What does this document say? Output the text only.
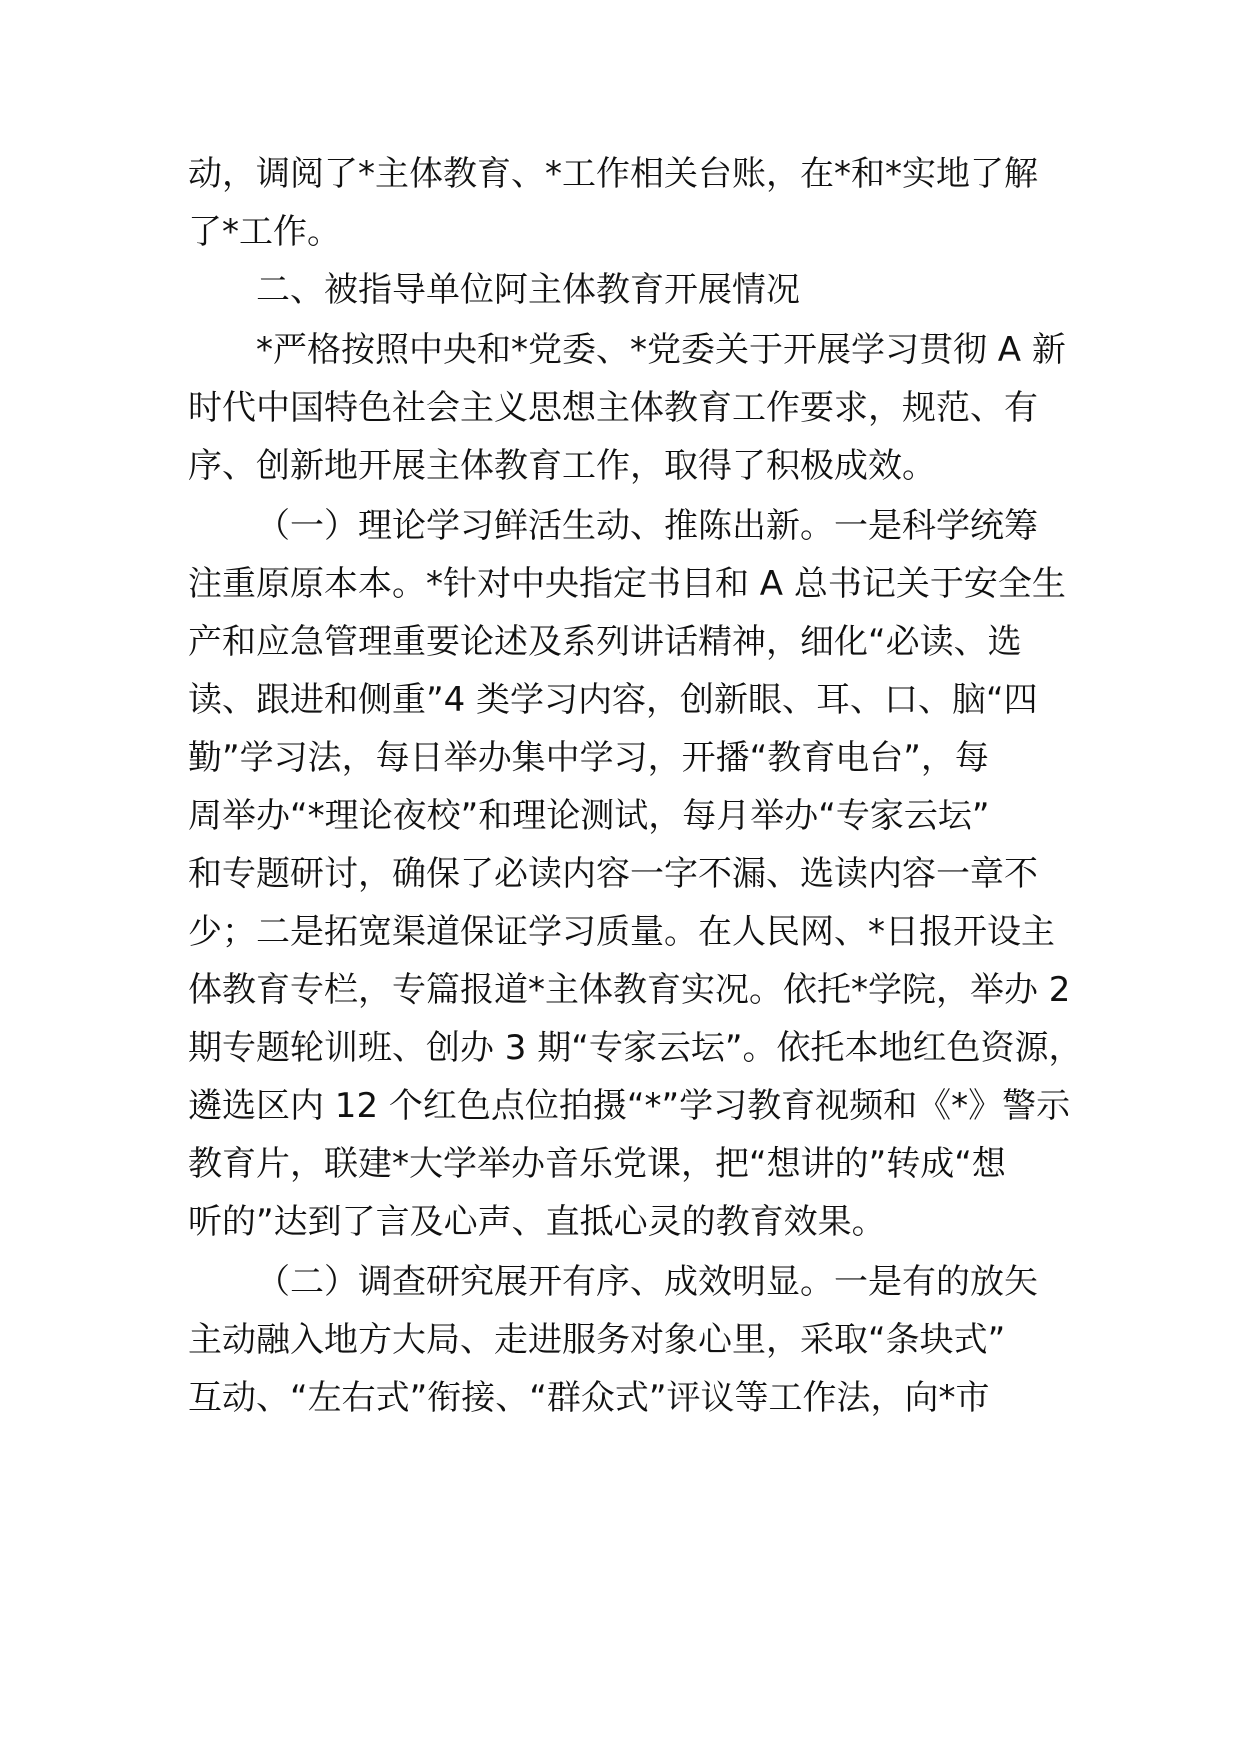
动，调阅了*主体教育、*工作相关台账，在*和*实地了解
了*工作。
二、被指导单位阿主体教育开展情况
*严格按照中央和*党委、*党委关于开展学习贯彻 A 新
时代中国特色社会主义思想主体教育工作要求，规范、有
序、创新地开展主体教育工作，取得了积极成效。
（一）理论学习鲜活生动、推陈出新。一是科学统筹
注重原原本本。*针对中央指定书目和 A 总书记关于安全生
产和应急管理重要论述及系列讲话精神，细化“必读、选
读、跟进和侧重”4 类学习内容，创新眼、耳、口、脑“四
勤”学习法，每日举办集中学习，开播“教育电台”，每
周举办“*理论夜校”和理论测试，每月举办“专家云坛”
和专题研讨，确保了必读内容一字不漏、选读内容一章不
少；二是拓宽渠道保证学习质量。在人民网、*日报开设主
体教育专栏，专篇报道*主体教育实况。依托*学院，举办 2
期专题轮训班、创办 3 期“专家云坛”。依托本地红色资源，
遴选区内 12 个红色点位拍摄“*”学习教育视频和《*》警示
教育片，联建*大学举办音乐党课，把“想讲的”转成“想
听的”达到了言及心声、直抵心灵的教育效果。
（二）调查研究展开有序、成效明显。一是有的放矢
主动融入地方大局、走进服务对象心里，采取“条块式”
互动、“左右式”衔接、“群众式”评议等工作法，向*市
